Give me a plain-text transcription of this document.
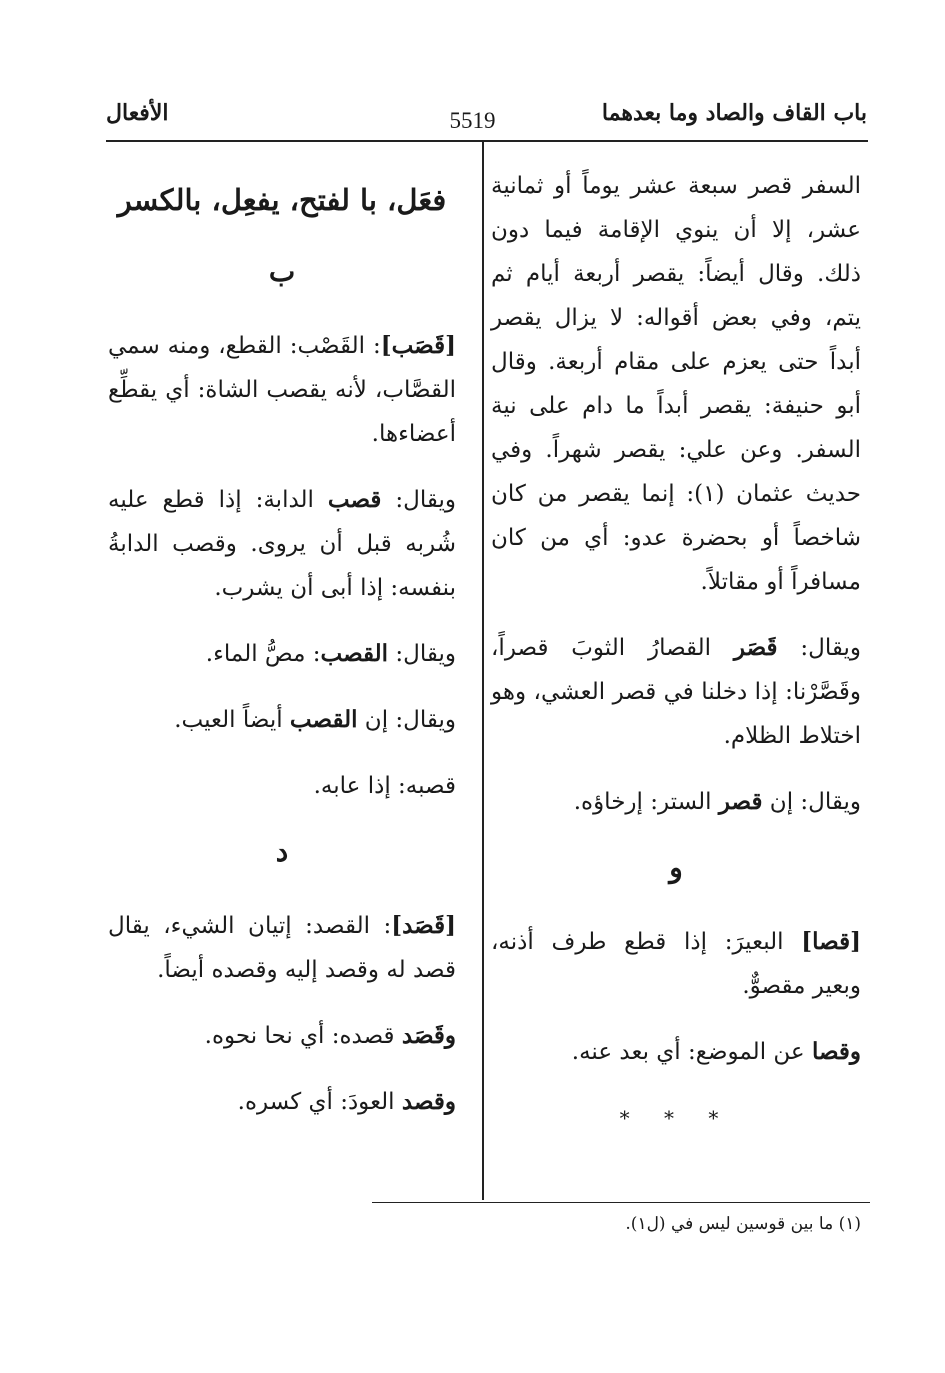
باب القاف والصاد وما بعدهما
5519
الأفعال

السفر قصر سبعة عشر يوماً أو ثمانية عشر، إلا أن ينوي الإقامة فيما دون ذلك. وقال أيضاً: يقصر أربعة أيام ثم يتم، وفي بعض أقواله: لا يزال يقصر أبداً حتى يعزم على مقام أربعة. وقال أبو حنيفة: يقصر أبداً ما دام على نية السفر. وعن علي: يقصر شهراً. وفي حديث عثمان (١): إنما يقصر من كان شاخصاً أو بحضرة عدو: أي من كان مسافراً أو مقاتلاً.

ويقال: قَصَر القصارُ الثوبَ قصراً، وقَصَّرْنا: إذا دخلنا في قصر العشي، وهو اختلاط الظلام.

ويقال: إن قصر الستر: إرخاؤه.

و

[قصا] البعيرَ: إذا قطع طرف أذنه، وبعير مقصوٌّ.

وقصا عن الموضع: أي بعد عنه.

* * *

فعَل، با لفتح، يفعِل، بالكسر

ب

[قَصَب]: القَصْب: القطع، ومنه سمي القصَّاب، لأنه يقصب الشاة: أي يقطِّع أعضاءها.

ويقال: قصب الدابة: إذا قطع عليه شُربه قبل أن يروى. وقصب الدابةُ بنفسه: إذا أبى أن يشرب.

ويقال: القصب: مصُّ الماء.

ويقال: إن القصب أيضاً العيب.

قصبه: إذا عابه.

د

[قَصَد]: القصد: إتيان الشيء، يقال قصد له وقصد إليه وقصده أيضاً.

وقَصَد قصده: أي نحا نحوه.

وقصد العودَ: أي كسره.

(١) ما بين قوسين ليس في (ل١).
